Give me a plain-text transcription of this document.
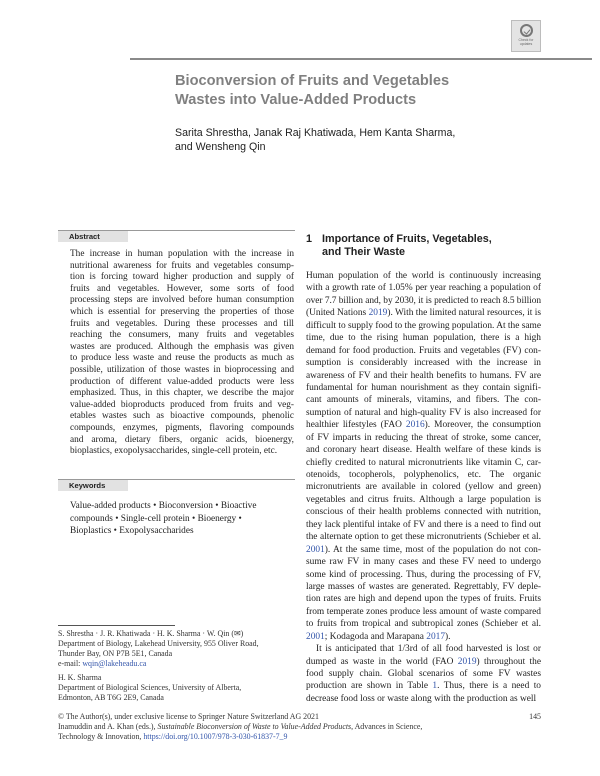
Check for updates
Bioconversion of Fruits and Vegetables
Wastes into Value-Added Products
Sarita Shrestha, Janak Raj Khatiwada, Hem Kanta Sharma,
and Wensheng Qin
Abstract
The increase in human population with the increase in
nutritional awareness for fruits and vegetables consump-
tion is forcing toward higher production and supply of
fruits and vegetables. However, some sorts of food
processing steps are involved before human consumption
which is essential for preserving the properties of those
fruits and vegetables. During these processes and till
reaching the consumers, many fruits and vegetables
wastes are produced. Although the emphasis was given
to produce less waste and reuse the products as much as
possible, utilization of those wastes in bioprocessing and
production of different value-added products were less
emphasized. Thus, in this chapter, we describe the major
value-added bioproducts produced from fruits and veg-
etables wastes such as bioactive compounds, phenolic
compounds, enzymes, pigments, flavoring compounds
and aroma, dietary fibers, organic acids, bioenergy,
bioplastics, exopolysaccharides, single-cell protein, etc.
Keywords
Value-added products • Bioconversion • Bioactive
compounds • Single-cell protein • Bioenergy •
Bioplastics • Exopolysaccharides
1 Importance of Fruits, Vegetables,
and Their Waste
Human population of the world is continuously increasing
with a growth rate of 1.05% per year reaching a population of
over 7.7 billion and, by 2030, it is predicted to reach 8.5 billion
(United Nations 2019). With the limited natural resources, it is
difficult to supply food to the growing population. At the same
time, due to the rising human population, there is a high
demand for food production. Fruits and vegetables (FV) con-
sumption is considerably increased with the increase in
awareness of FV and their health benefits to humans. FV are
fundamental for human nourishment as they contain signifi-
cant amounts of minerals, vitamins, and fibers. The con-
sumption of natural and high-quality FV is also increased for
healthier lifestyles (FAO 2016). Moreover, the consumption
of FV imparts in reducing the threat of stroke, some cancer,
and coronary heart disease. Health welfare of these kinds is
chiefly credited to natural micronutrients like vitamin C, car-
otenoids, tocopherols, polyphenolics, etc. The organic
micronutrients are available in colored (yellow and green)
vegetables and citrus fruits. Although a large population is
conscious of their health problems connected with nutrition,
they lack plentiful intake of FV and there is a need to find out
the alternate option to get these micronutrients (Schieber et al.
2001). At the same time, most of the population do not con-
sume raw FV in many cases and these FV need to undergo
some kind of processing. Thus, during the processing of FV,
large masses of wastes are generated. Regrettably, FV deple-
tion rates are high and depend upon the types of fruits. Fruits
from temperate zones produce less amount of waste compared
to fruits from tropical and subtropical zones (Schieber et al.
2001; Kodagoda and Marapana 2017).
It is anticipated that 1/3rd of all food harvested is lost or
dumped as waste in the world (FAO 2019) throughout the
food supply chain. Global scenarios of some FV wastes
production are shown in Table 1. Thus, there is a need to
decrease food loss or waste along with the production as well
S. Shrestha · J. R. Khatiwada · H. K. Sharma · W. Qin (✉)
Department of Biology, Lakehead University, 955 Oliver Road,
Thunder Bay, ON P7B 5E1, Canada
e-mail: wqin@lakeheadu.ca
H. K. Sharma
Department of Biological Sciences, University of Alberta,
Edmonton, AB T6G 2E9, Canada
© The Author(s), under exclusive license to Springer Nature Switzerland AG 2021
Inamuddin and A. Khan (eds.), Sustainable Bioconversion of Waste to Value-Added Products, Advances in Science,
Technology & Innovation, https://doi.org/10.1007/978-3-030-61837-7_9
145
